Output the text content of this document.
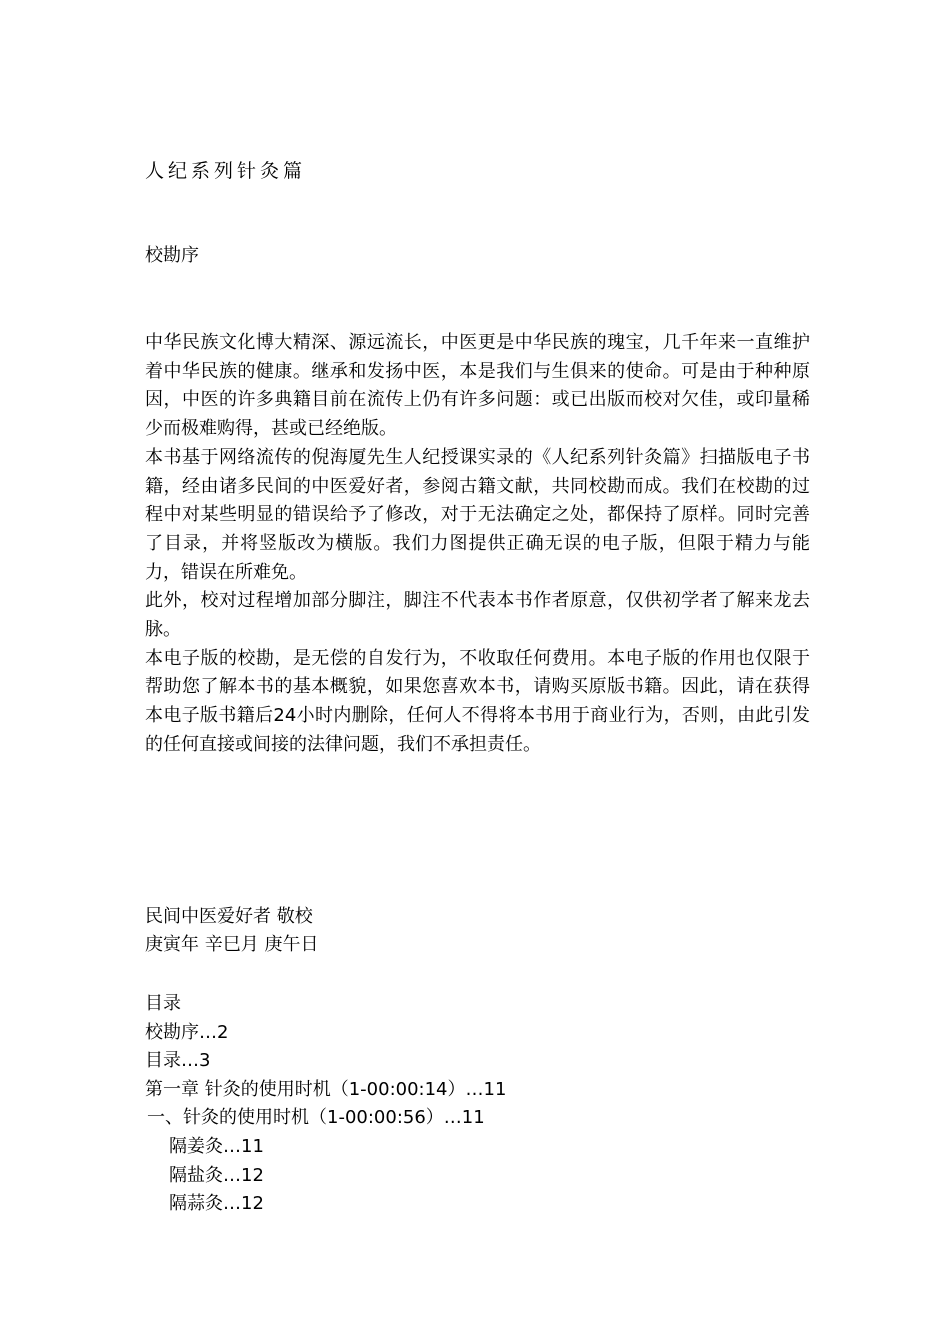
人纪系列针灸篇
校勘序

中华民族文化博大精深、源远流长，中医更是中华民族的瑰宝，几千年来一直维护着中华民族的健康。继承和发扬中医，本是我们与生俱来的使命。可是由于种种原因，中医的许多典籍目前在流传上仍有许多问题：或已出版而校对欠佳，或印量稀少而极难购得，甚或已经绝版。

本书基于网络流传的倪海厦先生人纪授课实录的《人纪系列针灸篇》扫描版电子书籍，经由诸多民间的中医爱好者，参阅古籍文献，共同校勘而成。我们在校勘的过程中对某些明显的错误给予了修改，对于无法确定之处，都保持了原样。同时完善了目录，并将竖版改为横版。我们力图提供正确无误的电子版，但限于精力与能力，错误在所难免。

此外，校对过程增加部分脚注，脚注不代表本书作者原意，仅供初学者了解来龙去脉。

本电子版的校勘，是无偿的自发行为，不收取任何费用。本电子版的作用也仅限于帮助您了解本书的基本概貌，如果您喜欢本书，请购买原版书籍。因此，请在获得本电子版书籍后24小时内删除，任何人不得将本书用于商业行为，否则，由此引发的任何直接或间接的法律问题，我们不承担责任。

民间中医爱好者 敬校
庚寅年 辛巳月 庚午日
目录
校勘序…2
目录…3
第一章 针灸的使用时机（1-00:00:14）…11
一、针灸的使用时机（1-00:00:56）…11
隔姜灸…11
隔盐灸…12
隔蒜灸…12
